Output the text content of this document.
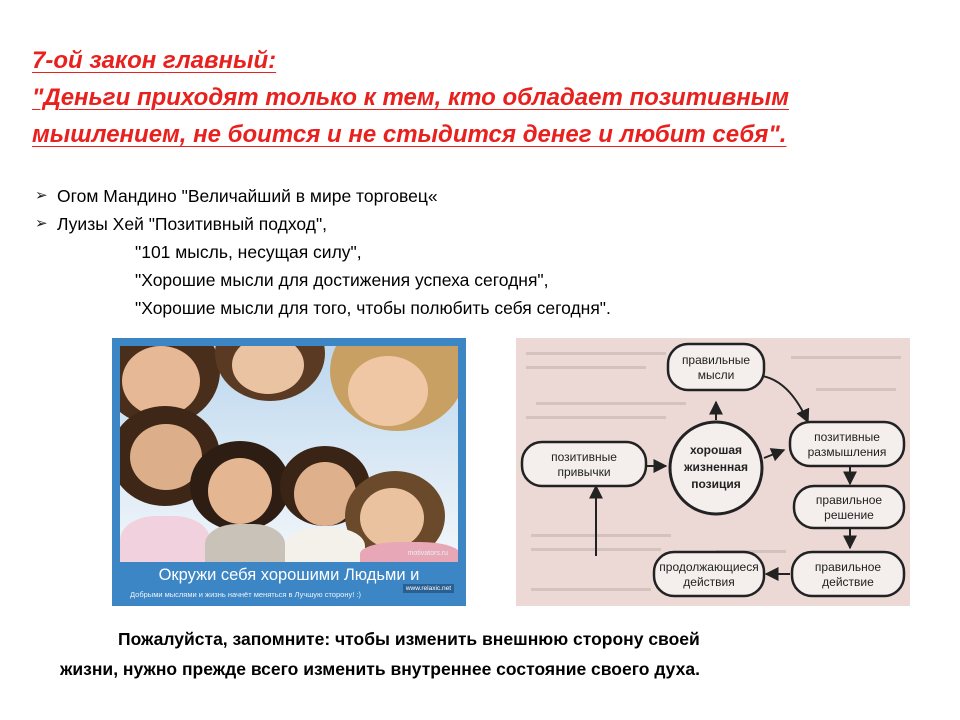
7-ой закон главный:
"Деньги приходят только к тем, кто обладает позитивным
мышлением, не боится и не стыдится денег и любит себя".
➢ Огом Мандино "Величайший в мире торговец«
➢ Луизы Хей "Позитивный подход",
"101 мысль, несущая силу",
"Хорошие мысли для достижения успеха сегодня",
"Хорошие мысли для того, чтобы полюбить себя сегодня".
motivators.ru
Окружи себя хорошими Людьми и
Добрыми мыслями и жизнь начнёт меняться в Лучшую сторону! :)
www.relaxic.net
правильные
мысли
позитивные
размышления
правильное
решение
правильное
действие
продолжающиеся
действия
позитивные
привычки
хорошая
жизненная
позиция
Пожалуйста, запомните: чтобы изменить внешнюю сторону своей
жизни, нужно прежде всего изменить внутреннее состояние своего духа.
